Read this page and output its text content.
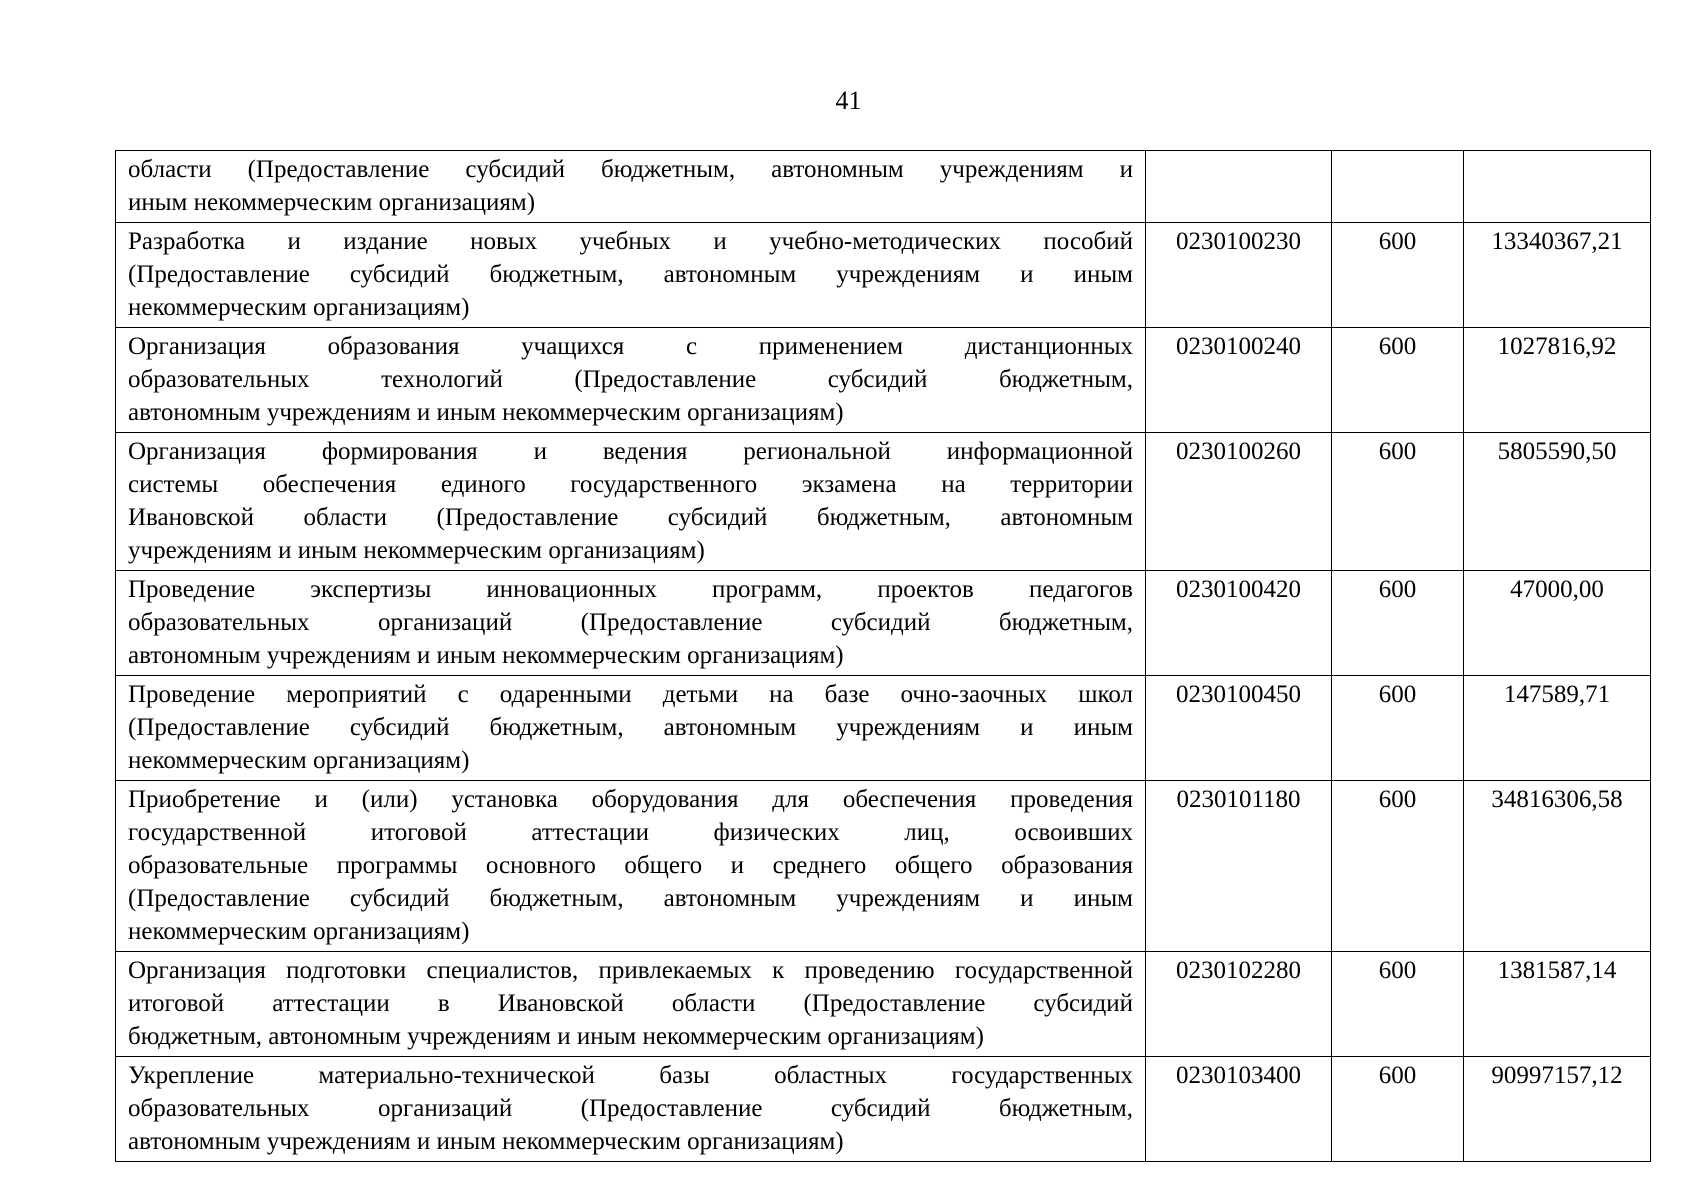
41
области (Предоставление субсидий бюджетным, автономным учреждениям и
иным некоммерческим организациям)			

Разработка и издание новых учебных и учебно-методических пособий
(Предоставление субсидий бюджетным, автономным учреждениям и иным
некоммерческим организациям)	0230100230	600	13340367,21

Организация образования учащихся с применением дистанционных
образовательных технологий (Предоставление субсидий бюджетным,
автономным учреждениям и иным некоммерческим организациям)	0230100240	600	1027816,92

Организация формирования и ведения региональной информационной
системы обеспечения единого государственного экзамена на территории
Ивановской области (Предоставление субсидий бюджетным, автономным
учреждениям и иным некоммерческим организациям)	0230100260	600	5805590,50

Проведение экспертизы инновационных программ, проектов педагогов
образовательных организаций (Предоставление субсидий бюджетным,
автономным учреждениям и иным некоммерческим организациям)	0230100420	600	47000,00

Проведение мероприятий с одаренными детьми на базе очно-заочных школ
(Предоставление субсидий бюджетным, автономным учреждениям и иным
некоммерческим организациям)	0230100450	600	147589,71

Приобретение и (или) установка оборудования для обеспечения проведения
государственной итоговой аттестации физических лиц, освоивших
образовательные программы основного общего и среднего общего образования
(Предоставление субсидий бюджетным, автономным учреждениям и иным
некоммерческим организациям)	0230101180	600	34816306,58

Организация подготовки специалистов, привлекаемых к проведению государственной
итоговой аттестации в Ивановской области (Предоставление субсидий
бюджетным, автономным учреждениям и иным некоммерческим организациям)	0230102280	600	1381587,14

Укрепление материально-технической базы областных государственных
образовательных организаций (Предоставление субсидий бюджетным,
автономным учреждениям и иным некоммерческим организациям)	0230103400	600	90997157,12
